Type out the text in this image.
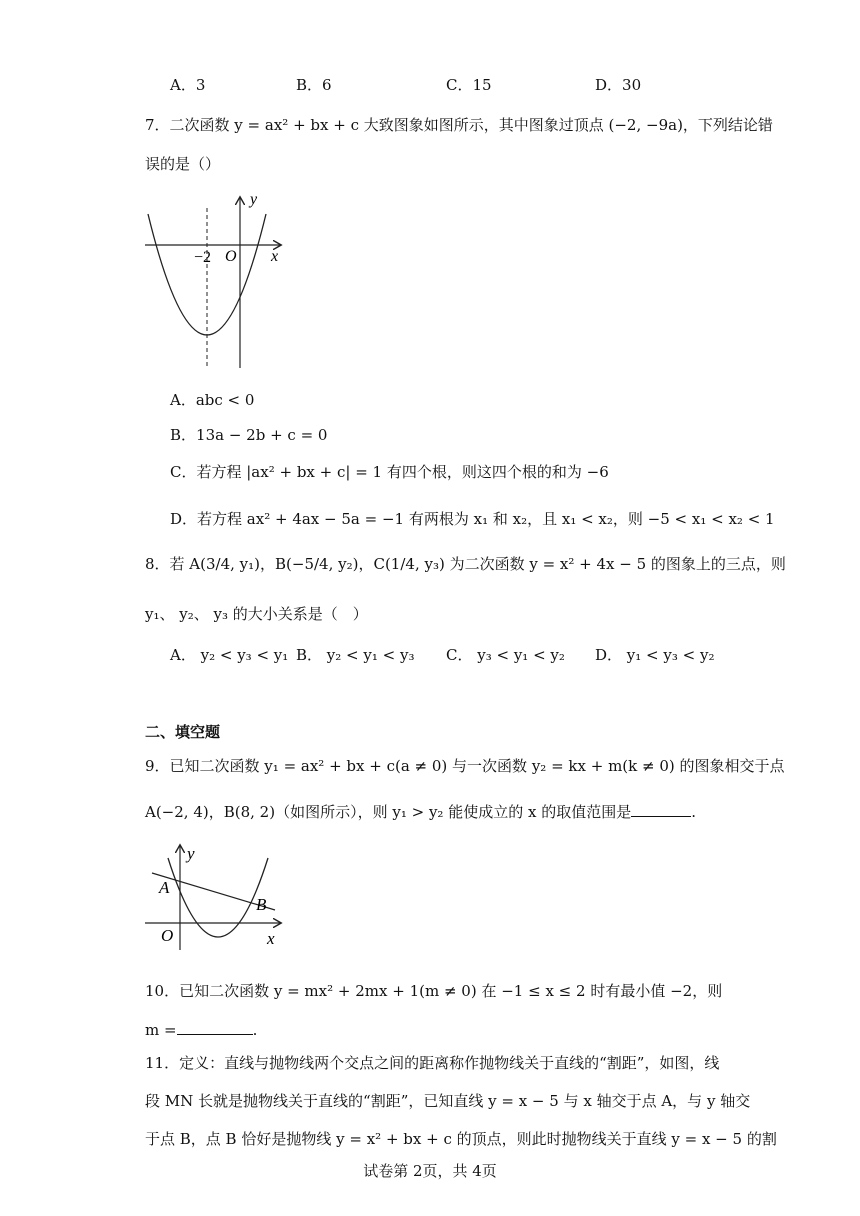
A．3	B．6	C．15	D．30
7．二次函数 y = ax² + bx + c 大致图象如图所示，其中图象过顶点 (−2, −9a)，下列结论错
误的是（）
y
x
O
−2
A．abc < 0
B．13a − 2b + c = 0
C．若方程 |ax² + bx + c| = 1 有四个根，则这四个根的和为 −6
D．若方程 ax² + 4ax − 5a = −1 有两根为 x₁ 和 x₂，且 x₁ < x₂，则 −5 < x₁ < x₂ < 1
8．若 A(3/4, y₁)，B(−5/4, y₂)，C(1/4, y₃) 为二次函数 y = x² + 4x − 5 的图象上的三点，则
y₁、 y₂、 y₃ 的大小关系是（　）
A． y₂ < y₃ < y₁ B． y₂ < y₁ < y₃ C． y₃ < y₁ < y₂ D． y₁ < y₃ < y₂
二、填空题
9．已知二次函数 y₁ = ax² + bx + c(a ≠ 0) 与一次函数 y₂ = kx + m(k ≠ 0) 的图象相交于点
A(−2, 4)，B(8, 2)（如图所示），则 y₁ > y₂ 能使成立的 x 的取值范围是	.
y
x
O
A
B
10．已知二次函数 y = mx² + 2mx + 1(m ≠ 0) 在 −1 ≤ x ≤ 2 时有最小值 −2，则
m =	.
11．定义：直线与抛物线两个交点之间的距离称作抛物线关于直线的“割距”，如图，线
段 MN 长就是抛物线关于直线的“割距”，已知直线 y = x − 5 与 x 轴交于点 A，与 y 轴交
于点 B，点 B 恰好是抛物线 y = x² + bx + c 的顶点，则此时抛物线关于直线 y = x − 5 的割
试卷第 2页，共 4页
